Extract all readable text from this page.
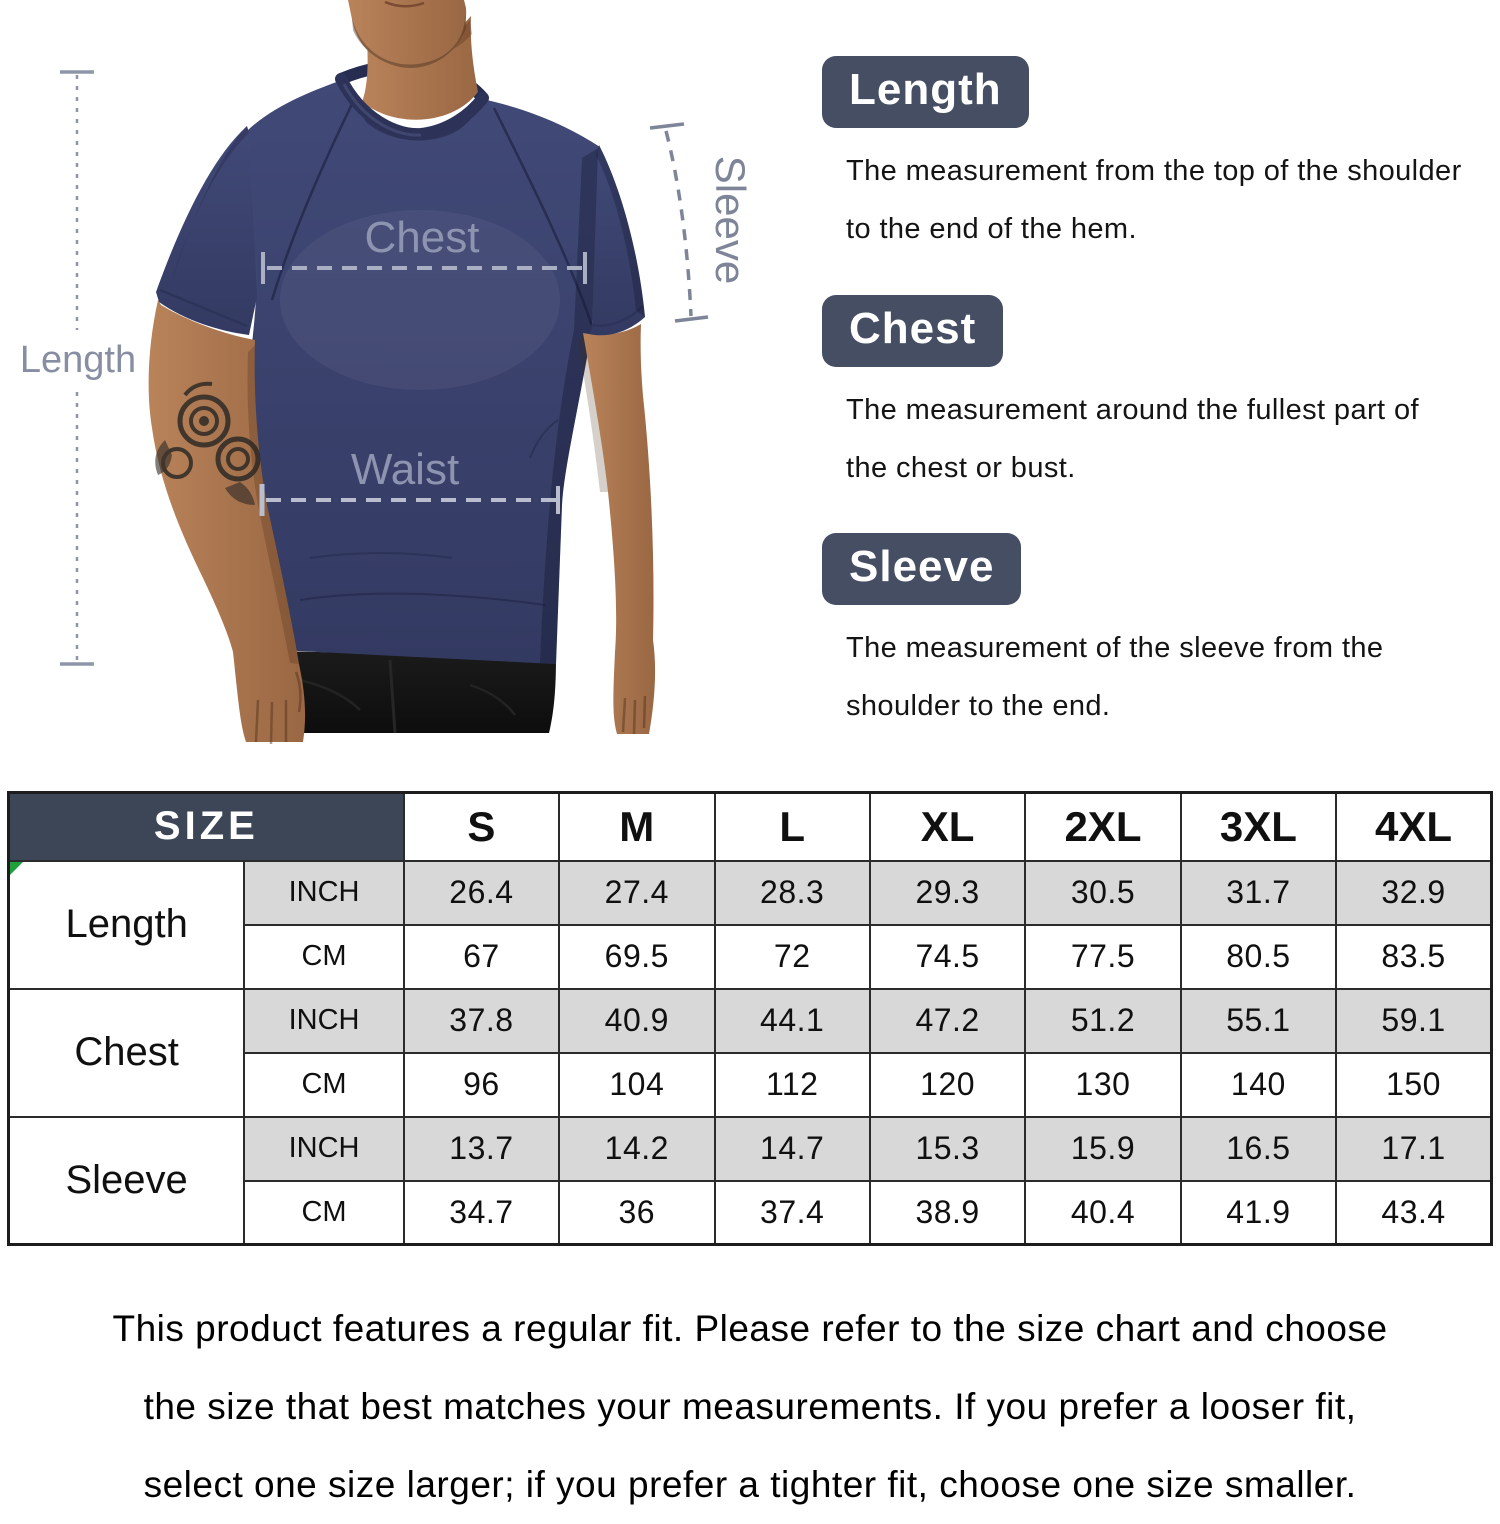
Length
Chest
Waist
Sleeve
Length
The measurement from the top of the shoulder
to the end of the hem.
Chest
The measurement around the fullest part of
the chest or bust.
Sleeve
The measurement of the sleeve from the
shoulder to the end.
SIZE		S	M	L	XL	2XL	3XL	4XL
Length	INCH	26.4	27.4	28.3	29.3	30.5	31.7	32.9
	CM	67	69.5	72	74.5	77.5	80.5	83.5
Chest	INCH	37.8	40.9	44.1	47.2	51.2	55.1	59.1
	CM	96	104	112	120	130	140	150
Sleeve	INCH	13.7	14.2	14.7	15.3	15.9	16.5	17.1
	CM	34.7	36	37.4	38.9	40.4	41.9	43.4
This product features a regular fit. Please refer to the size chart and choose
the size that best matches your measurements. If you prefer a looser fit,
select one size larger; if you prefer a tighter fit, choose one size smaller.
